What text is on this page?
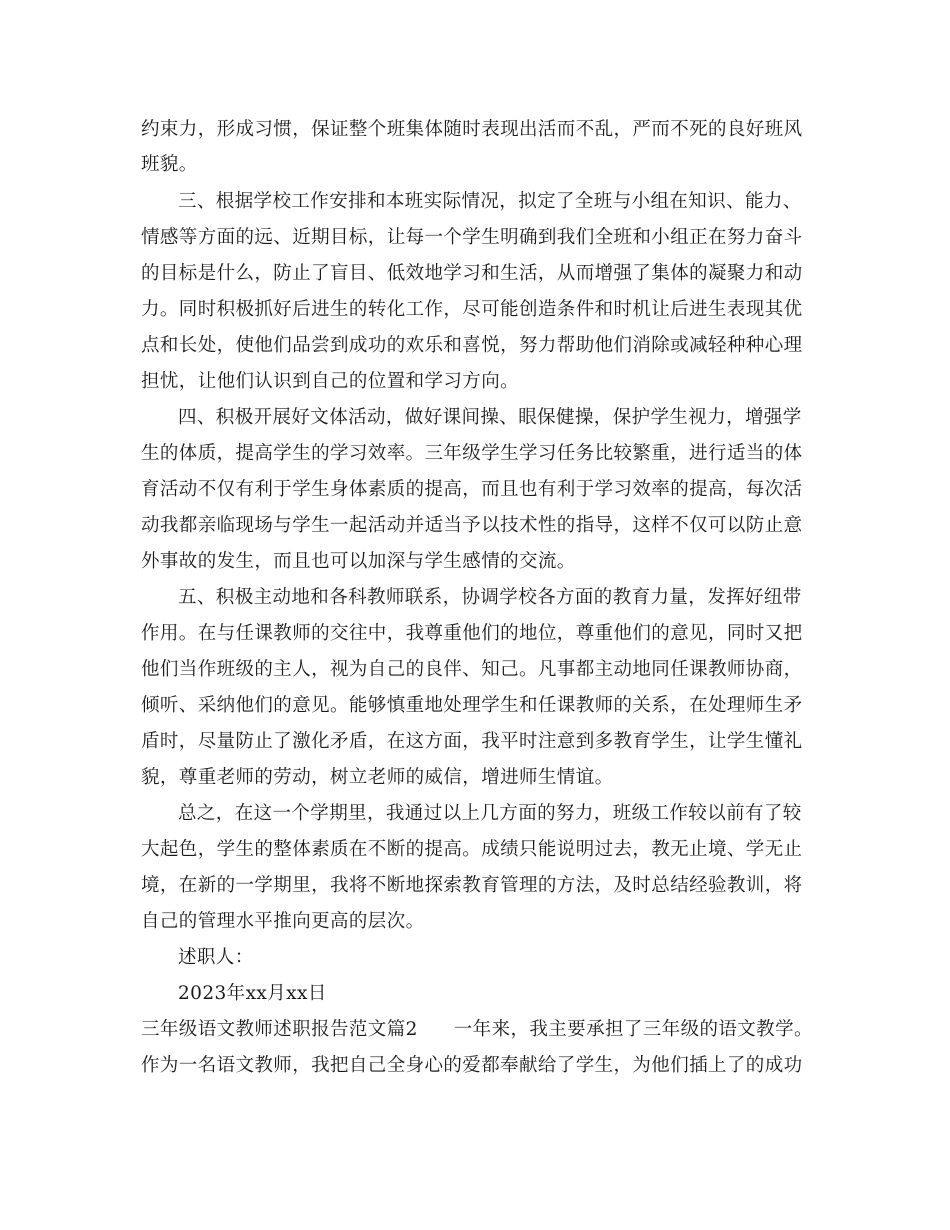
约束力，形成习惯，保证整个班集体随时表现出活而不乱，严而不死的良好班风
班貌。
三、根据学校工作安排和本班实际情况，拟定了全班与小组在知识、能力、
情感等方面的远、近期目标，让每一个学生明确到我们全班和小组正在努力奋斗
的目标是什么，防止了盲目、低效地学习和生活，从而增强了集体的凝聚力和动
力。同时积极抓好后进生的转化工作，尽可能创造条件和时机让后进生表现其优
点和长处，使他们品尝到成功的欢乐和喜悦，努力帮助他们消除或减轻种种心理
担忧，让他们认识到自己的位置和学习方向。
四、积极开展好文体活动，做好课间操、眼保健操，保护学生视力，增强学
生的体质，提高学生的学习效率。三年级学生学习任务比较繁重，进行适当的体
育活动不仅有利于学生身体素质的提高，而且也有利于学习效率的提高，每次活
动我都亲临现场与学生一起活动并适当予以技术性的指导，这样不仅可以防止意
外事故的发生，而且也可以加深与学生感情的交流。
五、积极主动地和各科教师联系，协调学校各方面的教育力量，发挥好纽带
作用。在与任课教师的交往中，我尊重他们的地位，尊重他们的意见，同时又把
他们当作班级的主人，视为自己的良伴、知己。凡事都主动地同任课教师协商，
倾听、采纳他们的意见。能够慎重地处理学生和任课教师的关系，在处理师生矛
盾时，尽量防止了激化矛盾，在这方面，我平时注意到多教育学生，让学生懂礼
貌，尊重老师的劳动，树立老师的威信，增进师生情谊。
总之，在这一个学期里，我通过以上几方面的努力，班级工作较以前有了较
大起色，学生的整体素质在不断的提高。成绩只能说明过去，教无止境、学无止
境，在新的一学期里，我将不断地探索教育管理的方法，及时总结经验教训，将
自己的管理水平推向更高的层次。
述职人：
2023年xx月xx日
三年级语文教师述职报告范文篇2 一年来，我主要承担了三年级的语文教学。
作为一名语文教师，我把自己全身心的爱都奉献给了学生，为他们插上了的成功
